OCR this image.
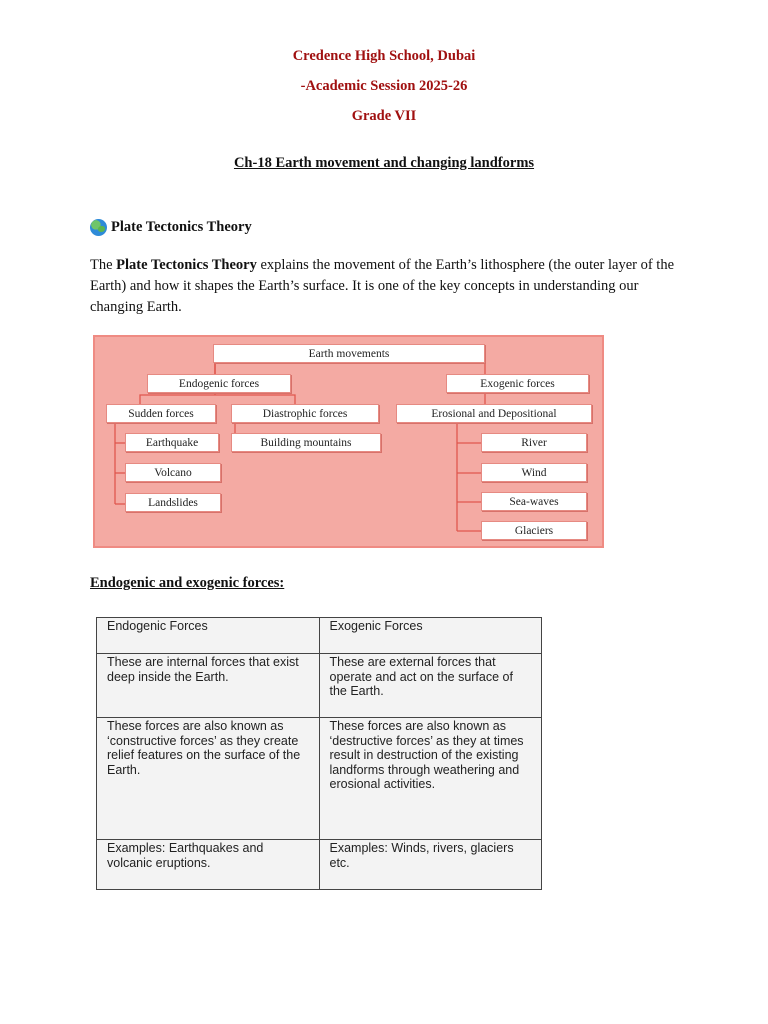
Credence High School, Dubai
-Academic Session 2025-26
Grade VII
Ch-18 Earth movement and changing landforms
Plate Tectonics Theory
The Plate Tectonics Theory explains the movement of the Earth’s lithosphere (the outer layer of the Earth) and how it shapes the Earth’s surface. It is one of the key concepts in understanding our changing Earth.
Earth movements
Endogenic forces	Exogenic forces
Sudden forces	Diastrophic forces	Erosional and Depositional
Earthquake	Building mountains
Volcano
Landslides
River
Wind
Sea-waves
Glaciers
Endogenic and exogenic forces:
Endogenic Forces	Exogenic Forces
These are internal forces that exist deep inside the Earth.	These are external forces that operate and act on the surface of the Earth.
These forces are also known as ‘constructive forces’ as they create relief features on the surface of the Earth.	These forces are also known as ‘destructive forces’ as they at times result in destruction of the existing landforms through weathering and erosional activities.
Examples: Earthquakes and volcanic eruptions.	Examples: Winds, rivers, glaciers etc.
